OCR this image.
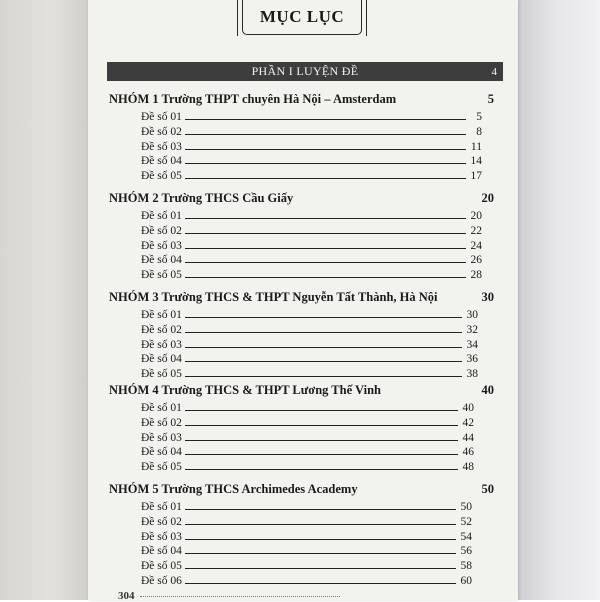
MỤC LỤC
PHẦN I LUYỆN ĐỀ	4
NHÓM 1 Trường THPT chuyên Hà Nội – Amsterdam	5
Đề số 01	5
Đề số 02	8
Đề số 03	11
Đề số 04	14
Đề số 05	17
NHÓM 2 Trường THCS Cầu Giấy	20
Đề số 01	20
Đề số 02	22
Đề số 03	24
Đề số 04	26
Đề số 05	28
NHÓM 3 Trường THCS & THPT Nguyễn Tất Thành, Hà Nội	30
Đề số 01	30
Đề số 02	32
Đề số 03	34
Đề số 04	36
Đề số 05	38
NHÓM 4 Trường THCS & THPT Lương Thế Vinh	40
Đề số 01	40
Đề số 02	42
Đề số 03	44
Đề số 04	46
Đề số 05	48
NHÓM 5 Trường THCS Archimedes Academy	50
Đề số 01	50
Đề số 02	52
Đề số 03	54
Đề số 04	56
Đề số 05	58
Đề số 06	60
304
